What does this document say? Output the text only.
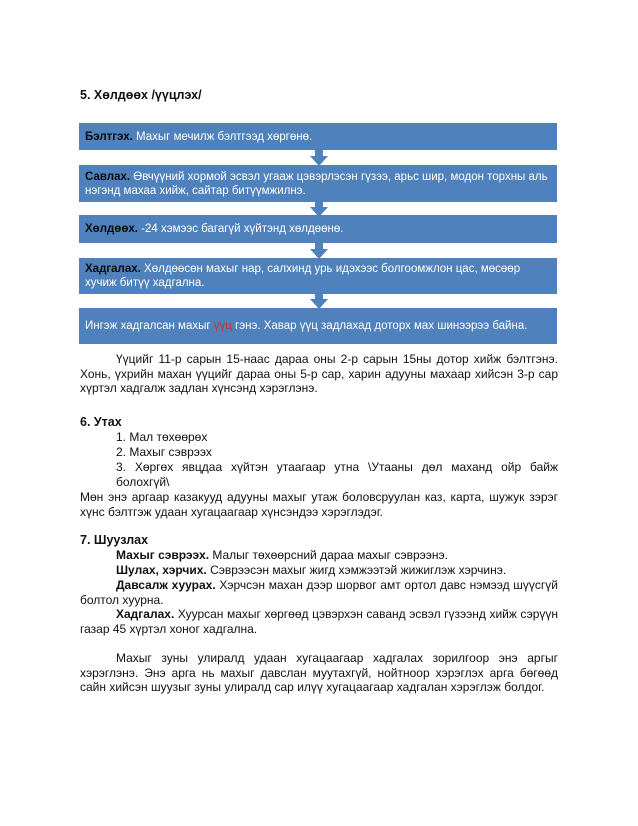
5. Хөлдөөх /үүцлэх/
Бэлтгэх. Махыг мечилж бэлтгээд хөргөнө.
Савлах. Өвчүүний хормой эсвэл угааж цэвэрлэсэн гүзээ, арьс шир, модон торхны аль нэгэнд махаа хийж, сайтар битүүмжилнэ.
Хөлдөөх. -24 хэмээс багагүй хүйтэнд хөлдөөнө.
Хадгалах. Хөлдөөсөн махыг нар, салхинд урь идэхээс болгоомжлон цас, мөсөөр хучиж битүү хадгална.
Ингэж хадгалсан махыг үүц гэнэ. Хавар үүц задлахад доторх мах шинээрээ байна.
Үүцийг 11-р сарын 15-наас дараа оны 2-р сарын 15ны дотор хийж бэлтгэнэ. Хонь, үхрийн махан үүцийг дараа оны 5-р сар, харин адууны махаар хийсэн 3-р сар хүртэл хадгалж задлан хүнсэнд хэрэглэнэ.
6. Утах
1. Мал төхөөрөх
2. Махыг сэврээх
3. Хөргөх явцдаа хүйтэн утаагаар утна \Утааны дөл маханд ойр байж болохгүй\
Мөн энэ аргаар казакууд адууны махыг утаж боловсруулан каз, карта, шужук зэрэг хүнс бэлтгэж удаан хугацаагаар хүнсэндээ хэрэглэдэг.
7. Шуузлах
Махыг сэврээх. Малыг төхөөрсний дараа махыг сэврээнэ.
Шулах, хэрчих. Сэврээсэн махыг жигд хэмжээтэй жижиглэж хэрчинэ.
Давсалж хуурах. Хэрчсэн махан дээр шорвог амт ортол давс нэмээд шүүсгүй болтол хуурна.
Хадгалах. Хуурсан махыг хөргөөд цэвэрхэн саванд эсвэл гүзээнд хийж сэрүүн газар 45 хүртэл хоног хадгална.
Махыг зуны улиралд удаан хугацаагаар хадгалах зорилгоор энэ аргыг хэрэглэнэ. Энэ арга нь махыг давслан муутахгүй, нойтноор хэрэглэх арга бөгөөд сайн хийсэн шуузыг зуны улиралд сар илүү хугацаагаар хадгалан хэрэглэж болдог.
